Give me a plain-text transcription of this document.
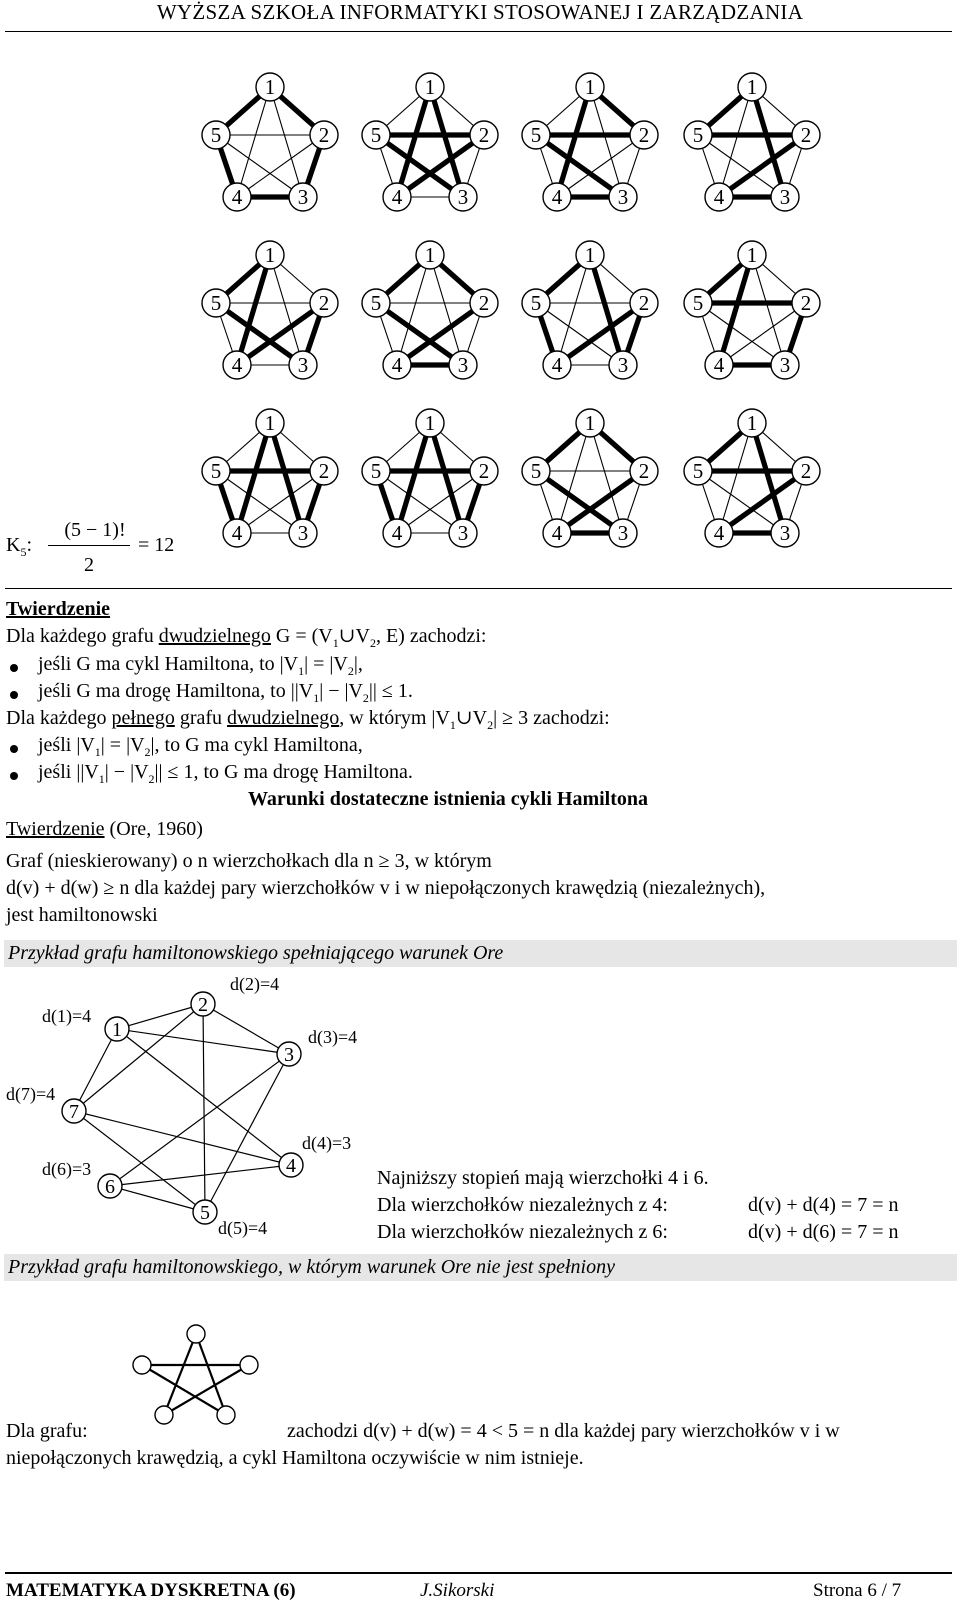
WYŻSZA SZKOŁA INFORMATYKI STOSOWANEJ I ZARZĄDZANIA
1
2
3
4
5
1
2
3
4
5
1
2
3
4
5
1
2
3
4
5
1
2
3
4
5
1
2
3
4
5
1
2
3
4
5
1
2
3
4
5
1
2
3
4
5
1
2
3
4
5
1
2
3
4
5
1
2
3
4
5
$K_5$:
(5 − 1)!
2
= 12
Twierdzenie
Dla każdego grafu dwudzielnego $G = (V_1\cup V_2$, E) zachodzi:
jeśli G ma cykl Hamiltona, to $|V_1| = |V_2|$,
jeśli G ma drogę Hamiltona, to $||V_1| - |V_2|| \le 1$.
Dla każdego pełnego grafu dwudzielnego, w którym $|V_1\cup V_2| \ge 3$ zachodzi:
jeśli $|V_1| = |V_2|$, to G ma cykl Hamiltona,
jeśli $||V_1| - |V_2|| \le 1$, to G ma drogę Hamiltona.
Warunki dostateczne istnienia cykli Hamiltona
Twierdzenie (Ore, 1960)
Graf (nieskierowany) o n wierzchołkach dla n ≥ 3, w którym
d(v) + d(w) ≥ n dla każdej pary wierzchołków v i w niepołączonych krawędzią (niezależnych),
jest hamiltonowski
Przykład grafu hamiltonowskiego spełniającego warunek Ore
1
2
3
4
5
6
7
d(1)=4
d(2)=4
d(3)=4
d(4)=3
d(5)=4
d(6)=3
d(7)=4
Najniższy stopień mają wierzchołki 4 i 6.
Dla wierzchołków niezależnych z 4:	d(v) + d(4) = 7 = n
Dla wierzchołków niezależnych z 6:	d(v) + d(6) = 7 = n
Przykład grafu hamiltonowskiego, w którym warunek Ore nie jest spełniony
Dla grafu:	zachodzi d(v) + d(w) = 4 < 5 = n dla każdej pary wierzchołków v i w
niepołączonych krawędzią, a cykl Hamiltona oczywiście w nim istnieje.
MATEMATYKA DYSKRETNA (6)	J.Sikorski	Strona 6 / 7
